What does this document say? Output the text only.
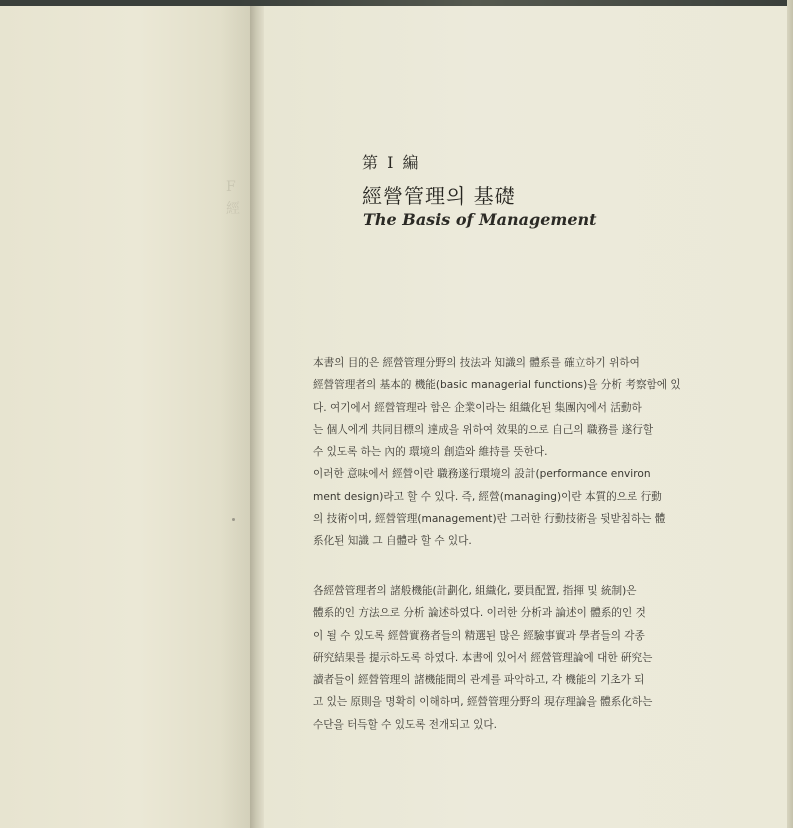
F
經
第 I 編
經營管理의 基礎
The Basis of Management
本書의 目的은 經營管理分野의 技法과 知識의 體系를 確立하기 위하여
經營管理者의 基本的 機能(basic managerial functions)을 分析 考察함에 있
다. 여기에서 經營管理라 함은 企業이라는 組織化된 集團內에서 活動하
는 個人에게 共同目標의 達成을 위하여 效果的으로 自己의 職務를 遂行할
수 있도록 하는 內的 環境의 創造와 維持를 뜻한다.
이러한 意味에서 經營이란 職務遂行環境의 設計(performance environ
ment design)라고 할 수 있다. 즉, 經營(managing)이란 本質的으로 行動
의 技術이며, 經營管理(management)란 그러한 行動技術을 뒷받침하는 體
系化된 知識 그 自體라 할 수 있다.
各經營管理者의 諸般機能(計劃化, 組織化, 要員配置, 指揮 및 統制)은
體系的인 方法으로 分析 論述하였다. 이러한 分析과 論述이 體系的인 것
이 될 수 있도록 經營實務者들의 精選된 많은 經驗事實과 學者들의 각종
硏究結果를 提示하도록 하였다. 本書에 있어서 經營管理論에 대한 硏究는
讀者들이 經營管理의 諸機能間의 관계를 파악하고, 각 機能의 기초가 되
고 있는 原則을 명확히 이해하며, 經營管理分野의 現存理論을 體系化하는
수단을 터득할 수 있도록 전개되고 있다.
